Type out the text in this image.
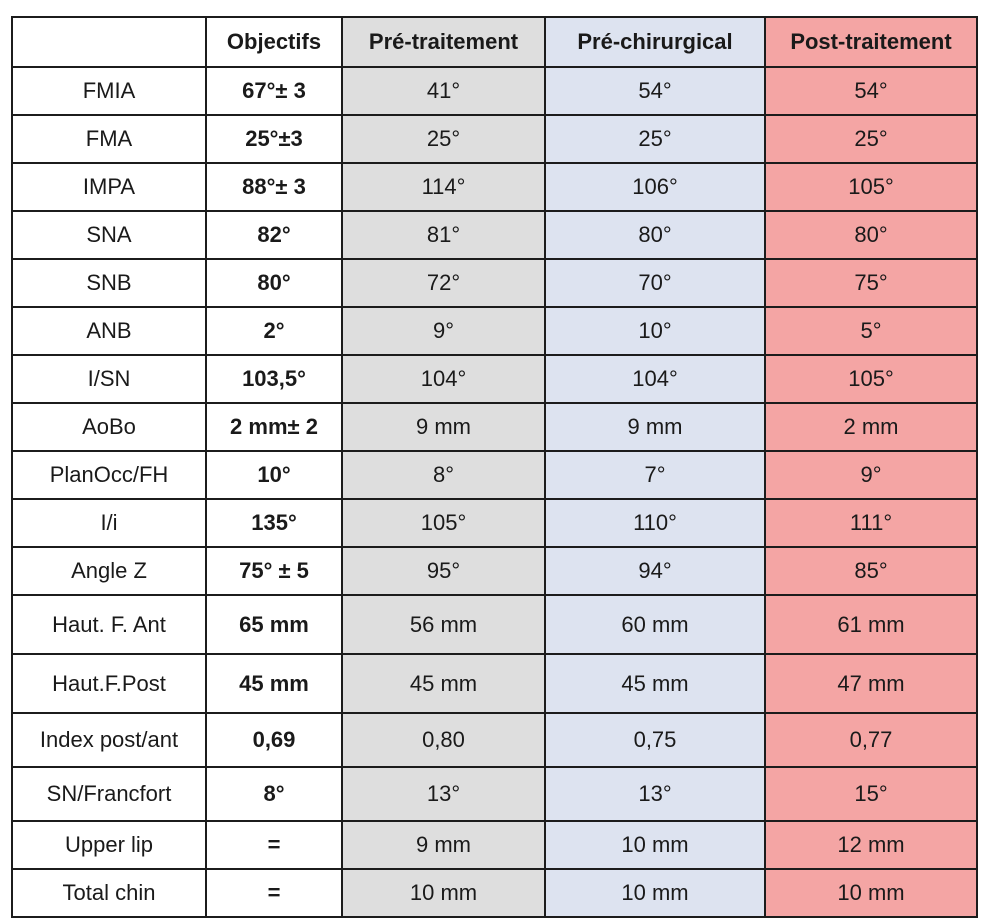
	Objectifs	Pré-traitement	Pré-chirurgical	Post-traitement
FMIA	67°± 3	41°	54°	54°
FMA	25°±3	25°	25°	25°
IMPA	88°± 3	114°	106°	105°
SNA	82°	81°	80°	80°
SNB	80°	72°	70°	75°
ANB	2°	9°	10°	5°
I/SN	103,5°	104°	104°	105°
AoBo	2 mm± 2	9 mm	9 mm	2 mm
PlanOcc/FH	10°	8°	7°	9°
I/i	135°	105°	110°	111°
Angle Z	75° ± 5	95°	94°	85°
Haut. F. Ant	65 mm	56 mm	60 mm	61 mm
Haut.F.Post	45 mm	45 mm	45 mm	47 mm
Index post/ant	0,69	0,80	0,75	0,77
SN/Francfort	8°	13°	13°	15°
Upper lip	=	9 mm	10 mm	12 mm
Total chin	=	10 mm	10 mm	10 mm
